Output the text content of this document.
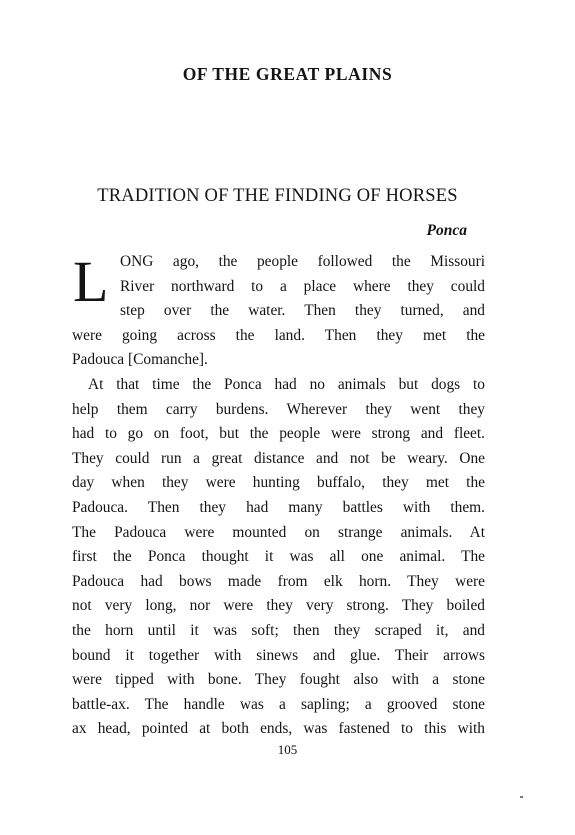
OF THE GREAT PLAINS
TRADITION OF THE FINDING OF HORSES
Ponca
L ONG ago, the people followed the Missouri
River northward to a place where they could
step over the water. Then they turned, and
were going across the land. Then they met the
Padouca [Comanche].
At that time the Ponca had no animals but dogs to
help them carry burdens. Wherever they went they
had to go on foot, but the people were strong and fleet.
They could run a great distance and not be weary. One
day when they were hunting buffalo, they met the
Padouca. Then they had many battles with them.
The Padouca were mounted on strange animals. At
first the Ponca thought it was all one animal. The
Padouca had bows made from elk horn. They were
not very long, nor were they very strong. They boiled
the horn until it was soft; then they scraped it, and
bound it together with sinews and glue. Their arrows
were tipped with bone. They fought also with a stone
battle-ax. The handle was a sapling; a grooved stone
ax head, pointed at both ends, was fastened to this with
105
